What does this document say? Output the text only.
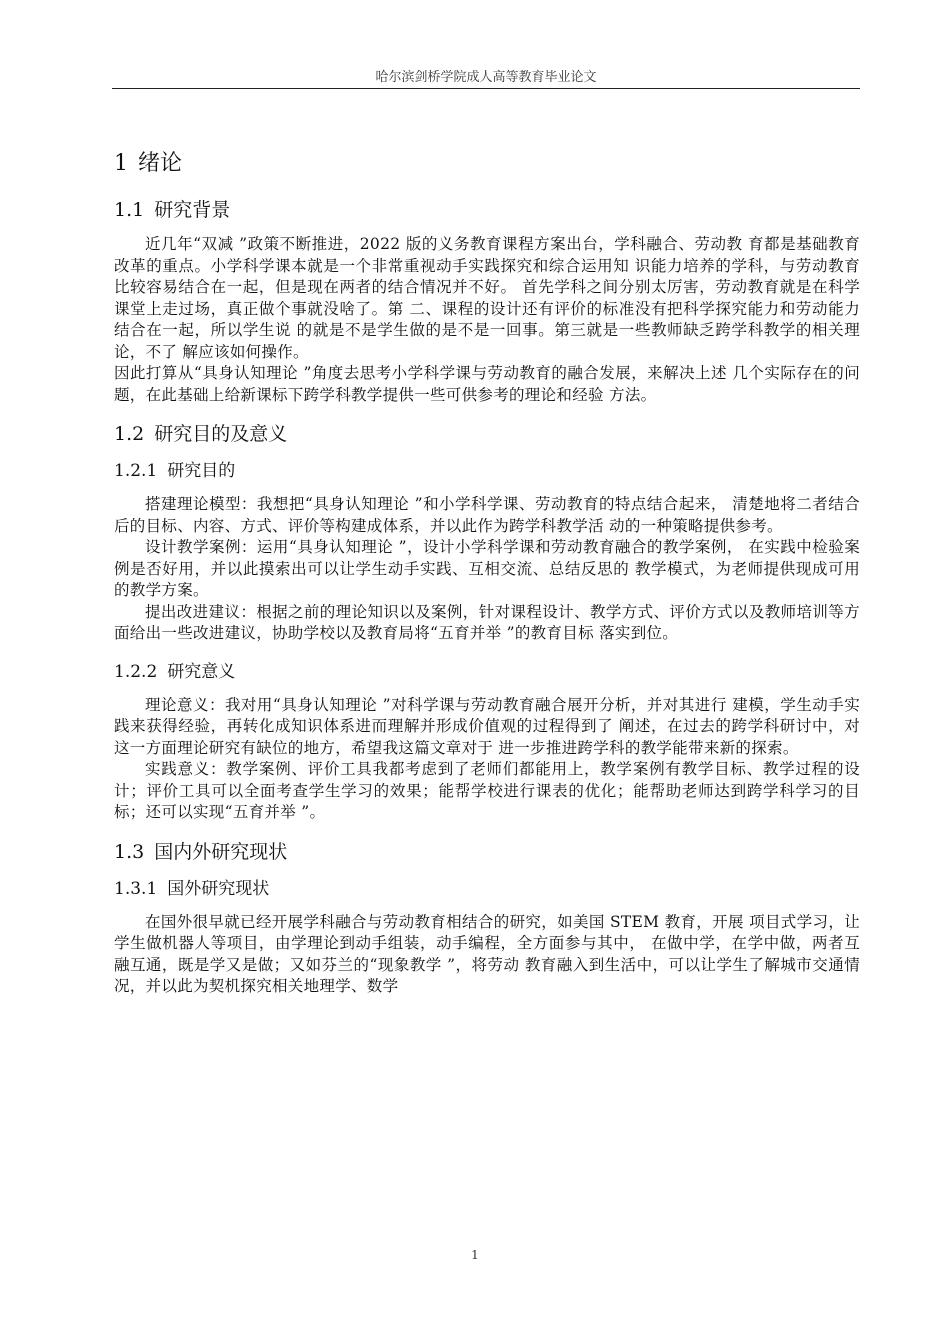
哈尔滨剑桥学院成人高等教育毕业论文
1 绪论
1.1 研究背景

近几年“双减 ”政策不断推进，2022 版的义务教育课程方案出台，学科融合、劳动教 育都是基础教育改革的重点。小学科学课本就是一个非常重视动手实践探究和综合运用知 识能力培养的学科，与劳动教育比较容易结合在一起，但是现在两者的结合情况并不好。 首先学科之间分别太厉害，劳动教育就是在科学课堂上走过场，真正做个事就没啥了。第 二、课程的设计还有评价的标准没有把科学探究能力和劳动能力结合在一起，所以学生说 的就是不是学生做的是不是一回事。第三就是一些教师缺乏跨学科教学的相关理论，不了 解应该如何操作。

因此打算从“具身认知理论 ”角度去思考小学科学课与劳动教育的融合发展，来解决上述 几个实际存在的问题，在此基础上给新课标下跨学科教学提供一些可供参考的理论和经验 方法。

1.2 研究目的及意义
1.2.1 研究目的

搭建理论模型：我想把“具身认知理论 ”和小学科学课、劳动教育的特点结合起来， 清楚地将二者结合后的目标、内容、方式、评价等构建成体系，并以此作为跨学科教学活 动的一种策略提供参考。

设计教学案例：运用“具身认知理论 ”，设计小学科学课和劳动教育融合的教学案例， 在实践中检验案例是否好用，并以此摸索出可以让学生动手实践、互相交流、总结反思的 教学模式，为老师提供现成可用的教学方案。

提出改进建议：根据之前的理论知识以及案例，针对课程设计、教学方式、评价方式以及教师培训等方面给出一些改进建议，协助学校以及教育局将“五育并举 ”的教育目标 落实到位。

1.2.2 研究意义

理论意义：我对用“具身认知理论 ”对科学课与劳动教育融合展开分析，并对其进行 建模，学生动手实践来获得经验，再转化成知识体系进而理解并形成价值观的过程得到了 阐述，在过去的跨学科研讨中，对这一方面理论研究有缺位的地方，希望我这篇文章对于 进一步推进跨学科的教学能带来新的探索。

实践意义：教学案例、评价工具我都考虑到了老师们都能用上，教学案例有教学目标、教学过程的设计；评价工具可以全面考查学生学习的效果；能帮学校进行课表的优化；能帮助老师达到跨学科学习的目标；还可以实现“五育并举 ”。

1.3 国内外研究现状
1.3.1 国外研究现状

在国外很早就已经开展学科融合与劳动教育相结合的研究，如美国 STEM 教育，开展 项目式学习，让学生做机器人等项目，由学理论到动手组装，动手编程，全方面参与其中， 在做中学，在学中做，两者互融互通，既是学又是做；又如芬兰的“现象教学 ”，将劳动 教育融入到生活中，可以让学生了解城市交通情况，并以此为契机探究相关地理学、数学

1
